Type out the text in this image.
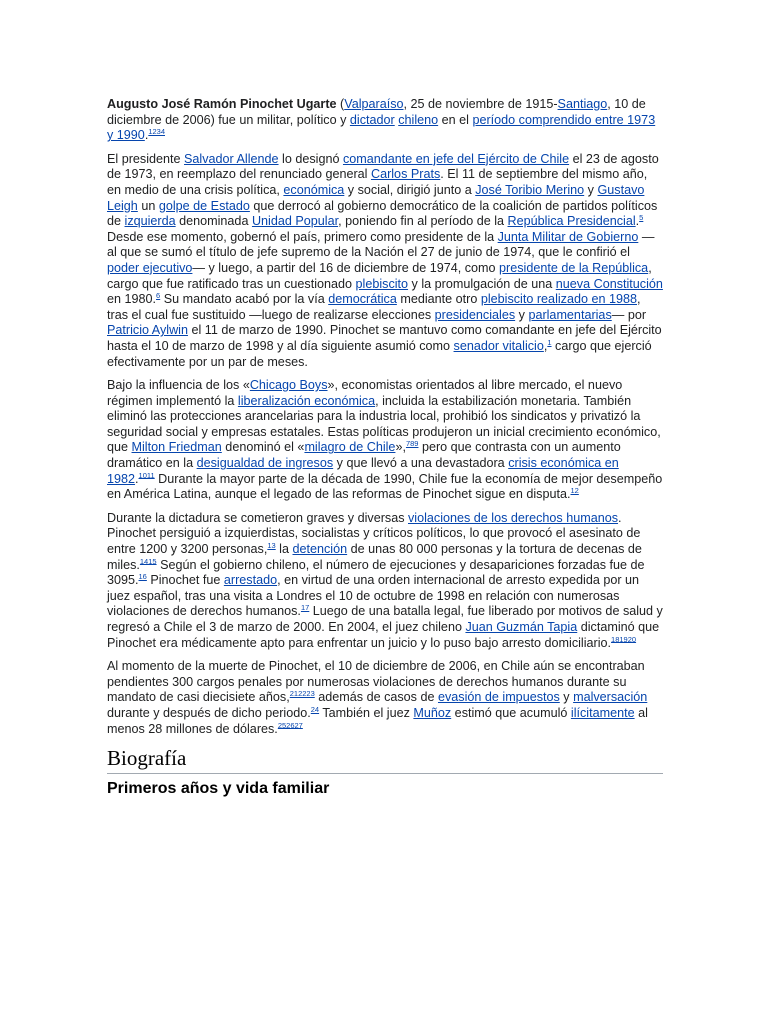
Augusto José Ramón Pinochet Ugarte (Valparaíso, 25 de noviembre de 1915-Santiago, 10 de diciembre de 2006) fue un militar, político y dictador chileno en el período comprendido entre 1973 y 1990.$^{1234}$

El presidente Salvador Allende lo designó comandante en jefe del Ejército de Chile el 23 de agosto de 1973, en reemplazo del renunciado general Carlos Prats. El 11 de septiembre del mismo año, en medio de una crisis política, económica y social, dirigió junto a José Toribio Merino y Gustavo Leigh un golpe de Estado que derrocó al gobierno democrático de la coalición de partidos políticos de izquierda denominada Unidad Popular, poniendo fin al período de la República Presidencial.$^5$ Desde ese momento, gobernó el país, primero como presidente de la Junta Militar de Gobierno —al que se sumó el título de jefe supremo de la Nación el 27 de junio de 1974, que le confirió el poder ejecutivo— y luego, a partir del 16 de diciembre de 1974, como presidente de la República, cargo que fue ratificado tras un cuestionado plebiscito y la promulgación de una nueva Constitución en 1980.$^6$ Su mandato acabó por la vía democrática mediante otro plebiscito realizado en 1988, tras el cual fue sustituido —luego de realizarse elecciones presidenciales y parlamentarias— por Patricio Aylwin el 11 de marzo de 1990. Pinochet se mantuvo como comandante en jefe del Ejército hasta el 10 de marzo de 1998 y al día siguiente asumió como senador vitalicio,$^1$ cargo que ejerció efectivamente por un par de meses.

Bajo la influencia de los «Chicago Boys», economistas orientados al libre mercado, el nuevo régimen implementó la liberalización económica, incluida la estabilización monetaria. También eliminó las protecciones arancelarias para la industria local, prohibió los sindicatos y privatizó la seguridad social y empresas estatales. Estas políticas produjeron un inicial crecimiento económico, que Milton Friedman denominó el «milagro de Chile»,$^{789}$ pero que contrasta con un aumento dramático en la desigualdad de ingresos y que llevó a una devastadora crisis económica en 1982.$^{1011}$ Durante la mayor parte de la década de 1990, Chile fue la economía de mejor desempeño en América Latina, aunque el legado de las reformas de Pinochet sigue en disputa.$^{12}$

Durante la dictadura se cometieron graves y diversas violaciones de los derechos humanos. Pinochet persiguió a izquierdistas, socialistas y críticos políticos, lo que provocó el asesinato de entre 1200 y 3200 personas,$^{13}$ la detención de unas 80 000 personas y la tortura de decenas de miles.$^{1415}$ Según el gobierno chileno, el número de ejecuciones y desapariciones forzadas fue de 3095.16 Pinochet fue arrestado, en virtud de una orden internacional de arresto expedida por un juez español, tras una visita a Londres el 10 de octubre de 1998 en relación con numerosas violaciones de derechos humanos.$^{17}$ Luego de una batalla legal, fue liberado por motivos de salud y regresó a Chile el 3 de marzo de 2000. En 2004, el juez chileno Juan Guzmán Tapia dictaminó que Pinochet era médicamente apto para enfrentar un juicio y lo puso bajo arresto domiciliario.$^{181920}$

Al momento de la muerte de Pinochet, el 10 de diciembre de 2006, en Chile aún se encontraban pendientes 300 cargos penales por numerosas violaciones de derechos humanos durante su mandato de casi diecisiete años,$^{212223}$ además de casos de evasión de impuestos y malversación durante y después de dicho periodo.$^{24}$ También el juez Muñoz estimó que acumuló ilícitamente al menos 28 millones de dólares.$^{252627}$

Biografía
Primeros años y vida familiar
